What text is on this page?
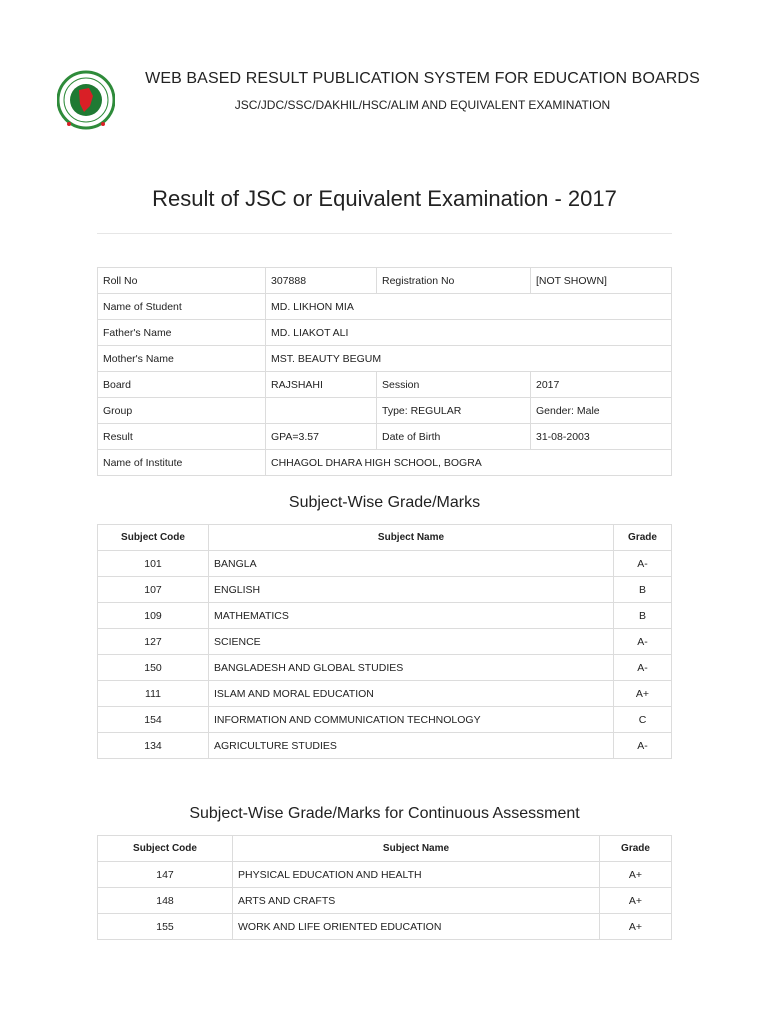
WEB BASED RESULT PUBLICATION SYSTEM FOR EDUCATION BOARDS
JSC/JDC/SSC/DAKHIL/HSC/ALIM AND EQUIVALENT EXAMINATION
Result of JSC or Equivalent Examination - 2017
Roll No	307888	Registration No	[NOT SHOWN]
Name of Student	MD. LIKHON MIA		
Father's Name	MD. LIAKOT ALI		
Mother's Name	MST. BEAUTY BEGUM		
Board	RAJSHAHI	Session	2017
Group		Type: REGULAR	Gender: Male
Result	GPA=3.57	Date of Birth	31-08-2003
Name of Institute	CHHAGOL DHARA HIGH SCHOOL, BOGRA		
Subject-Wise Grade/Marks
Subject Code	Subject Name	Grade
101	BANGLA	A-
107	ENGLISH	B
109	MATHEMATICS	B
127	SCIENCE	A-
150	BANGLADESH AND GLOBAL STUDIES	A-
111	ISLAM AND MORAL EDUCATION	A+
154	INFORMATION AND COMMUNICATION TECHNOLOGY	C
134	AGRICULTURE STUDIES	A-
Subject-Wise Grade/Marks for Continuous Assessment
Subject Code	Subject Name	Grade
147	PHYSICAL EDUCATION AND HEALTH	A+
148	ARTS AND CRAFTS	A+
155	WORK AND LIFE ORIENTED EDUCATION	A+
